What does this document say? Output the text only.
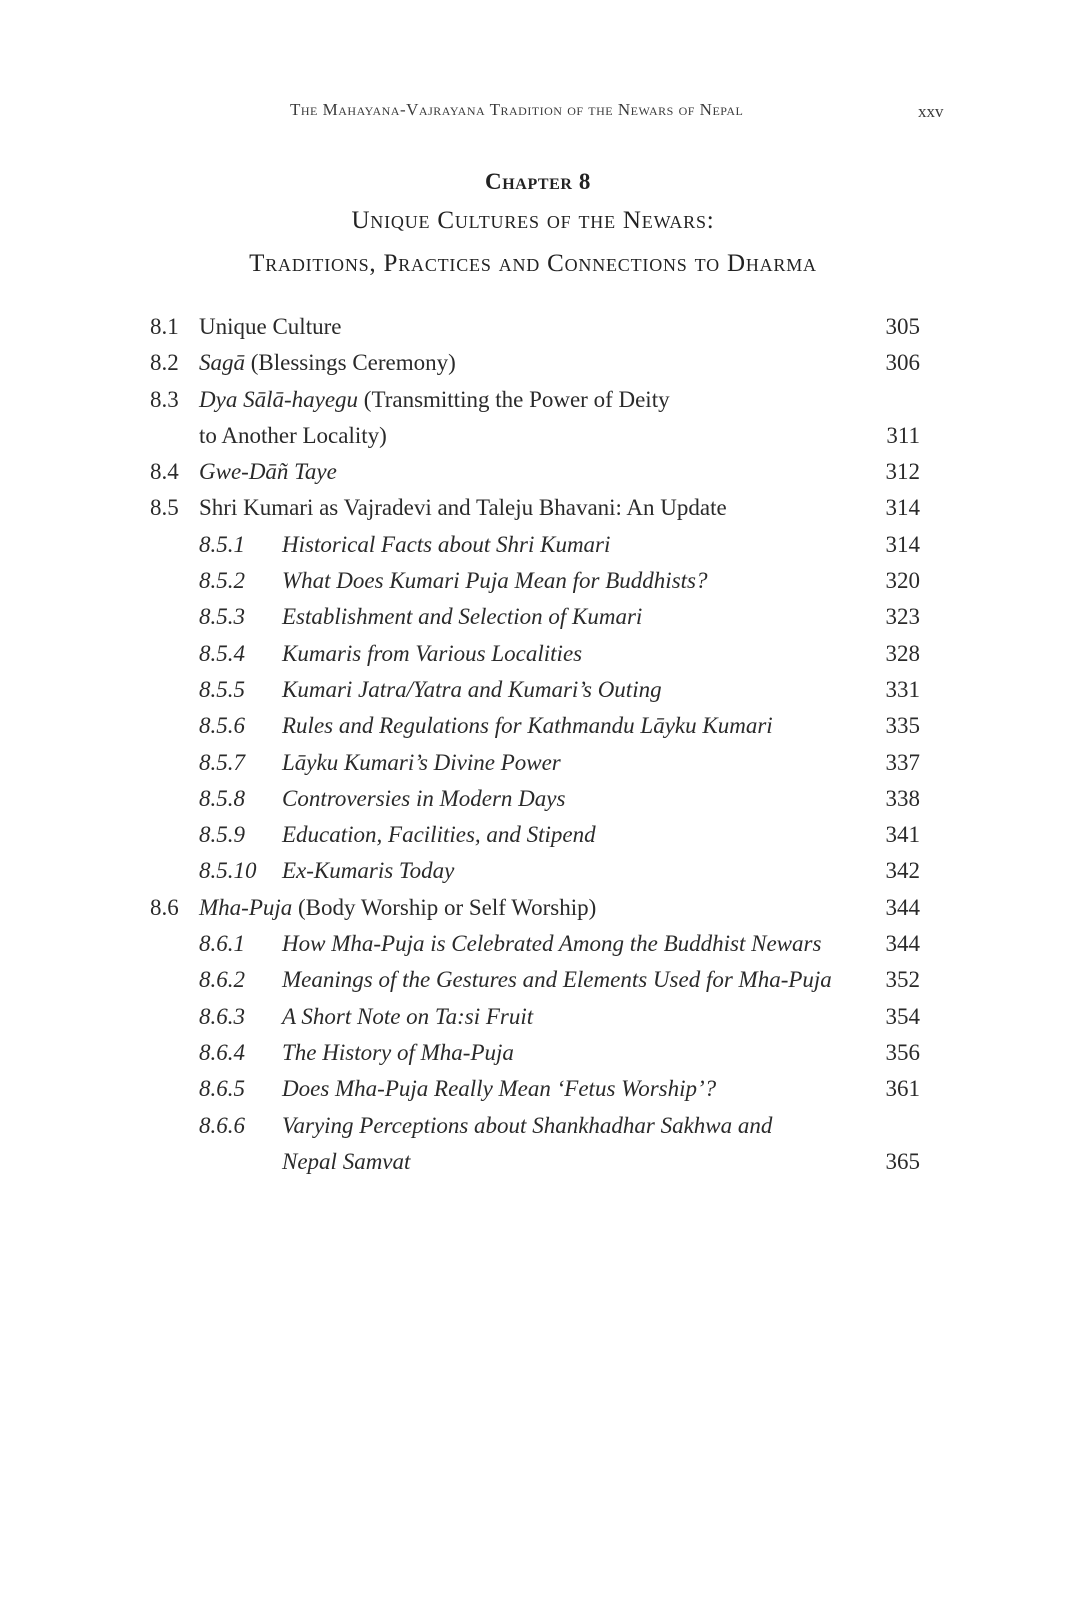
The Mahayana-Vajrayana Tradition of the Newars of Nepal	xxv
Chapter 8
Unique Cultures of the Newars:
Traditions, Practices and Connections to Dharma
8.1 Unique Culture	305
8.2 Sagā (Blessings Ceremony)	306
8.3 Dya Sālā-hayegu (Transmitting the Power of Deity
to Another Locality)	311
8.4 Gwe-Dāñ Taye	312
8.5 Shri Kumari as Vajradevi and Taleju Bhavani: An Update	314
8.5.1 Historical Facts about Shri Kumari	314
8.5.2 What Does Kumari Puja Mean for Buddhists?	320
8.5.3 Establishment and Selection of Kumari	323
8.5.4 Kumaris from Various Localities	328
8.5.5 Kumari Jatra/Yatra and Kumari’s Outing	331
8.5.6 Rules and Regulations for Kathmandu Lāyku Kumari	335
8.5.7 Lāyku Kumari’s Divine Power	337
8.5.8 Controversies in Modern Days	338
8.5.9 Education, Facilities, and Stipend	341
8.5.10 Ex-Kumaris Today	342
8.6 Mha-Puja (Body Worship or Self Worship)	344
8.6.1 How Mha-Puja is Celebrated Among the Buddhist Newars	344
8.6.2 Meanings of the Gestures and Elements Used for Mha-Puja 352
8.6.3 A Short Note on Ta:si Fruit	354
8.6.4 The History of Mha-Puja	356
8.6.5 Does Mha-Puja Really Mean ‘Fetus Worship’?	361
8.6.6 Varying Perceptions about Shankhadhar Sakhwa and
Nepal Samvat	365
